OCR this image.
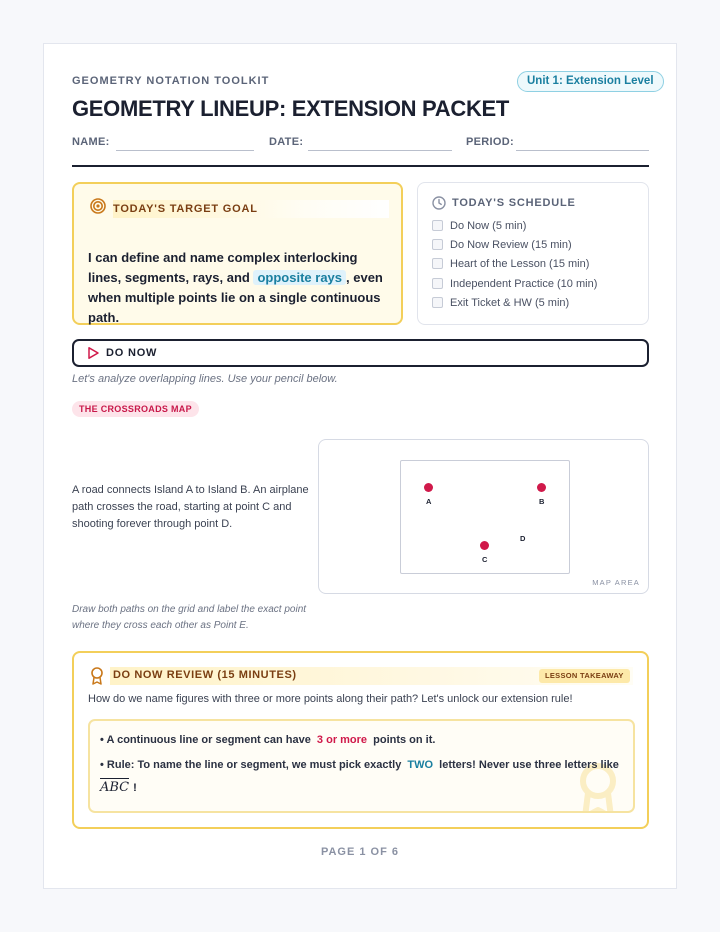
GEOMETRY NOTATION TOOLKIT	Unit 1: Extension Level
GEOMETRY LINEUP: EXTENSION PACKET
NAME:	DATE:	PERIOD:
TODAY'S TARGET GOAL
I can define and name complex interlocking lines, segments, rays, and opposite rays , even when multiple points lie on a single continuous path.
TODAY'S SCHEDULE
Do Now (5 min)
Do Now Review (15 min)
Heart of the Lesson (15 min)
Independent Practice (10 min)
Exit Ticket & HW (5 min)
DO NOW
Let's analyze overlapping lines. Use your pencil below.
THE CROSSROADS MAP
A road connects Island A to Island B. An airplane path crosses the road, starting at point C and shooting forever through point D.
A	B
C
D
MAP AREA
Draw both paths on the grid and label the exact point where they cross each other as Point E.
DO NOW REVIEW (15 MINUTES)	LESSON TAKEAWAY
How do we name figures with three or more points along their path? Let's unlock our extension rule!
• A continuous line or segment can have 3 or more points on it.
• Rule: To name the line or segment, we must pick exactly TWO letters! Never use three letters like
ABC !
PAGE 1 OF 6
